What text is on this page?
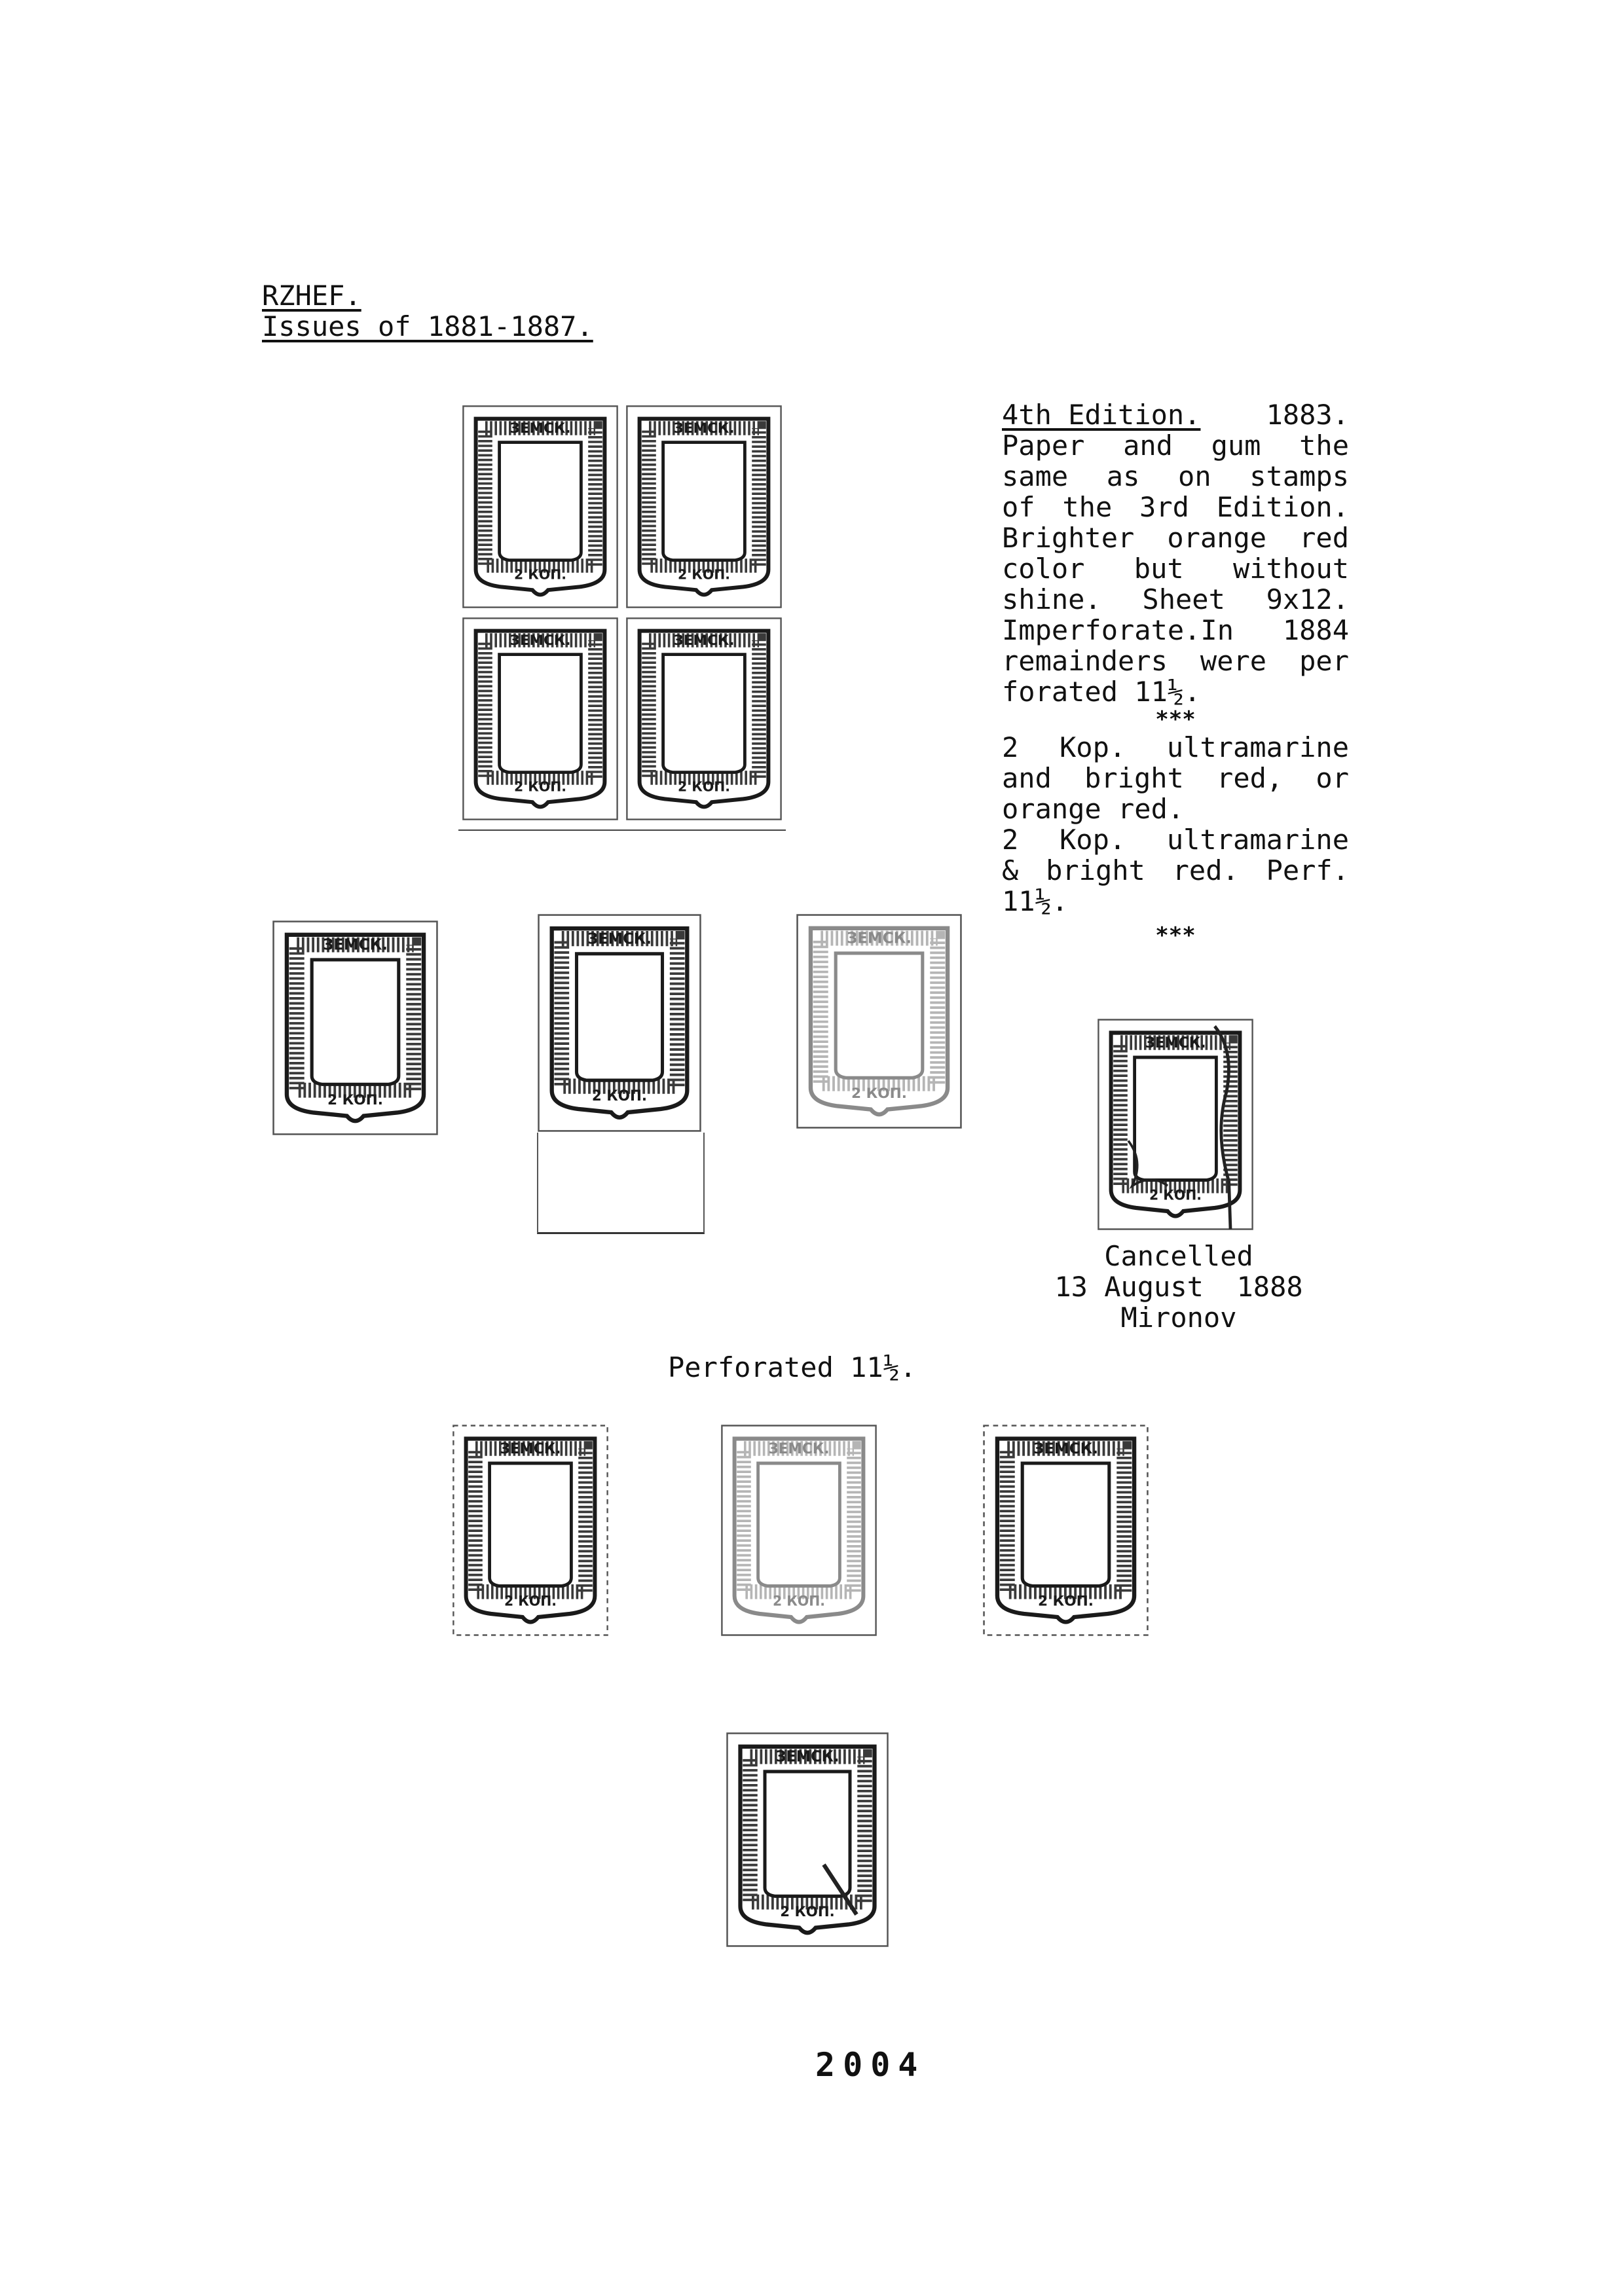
RZHEF.
Issues of 1881-1887.
4th Edition. 1883.
Paper and gum the
same as on stamps
of the 3rd Edition.
Brighter orange red
color but without
shine. Sheet 9x12.
Imperforate.In 1884
remainders were per
forated 11½.
***
2 Kop. ultramarine
and bright red, or
orange red.
2 Kop. ultramarine
& bright red. Perf.
11½.
***
Cancelled
13 August  1888
Mironov
Perforated 11½.
ЗЕМСК.
2 КОП.
ЗЕМСК.
2 КОП.
ЗЕМСК.
2 КОП.
ЗЕМСК.
2 КОП.
ЗЕМСК.
2 КОП.
ЗЕМСК.
2 КОП.
ЗЕМСК.
2 КОП.
ЗЕМСК.
2 КОП.
ЗЕМСК.
2 КОП.
ЗЕМСК.
2 КОП.
ЗЕМСК.
2 КОП.
ЗЕМСК.
2 КОП.
2004
